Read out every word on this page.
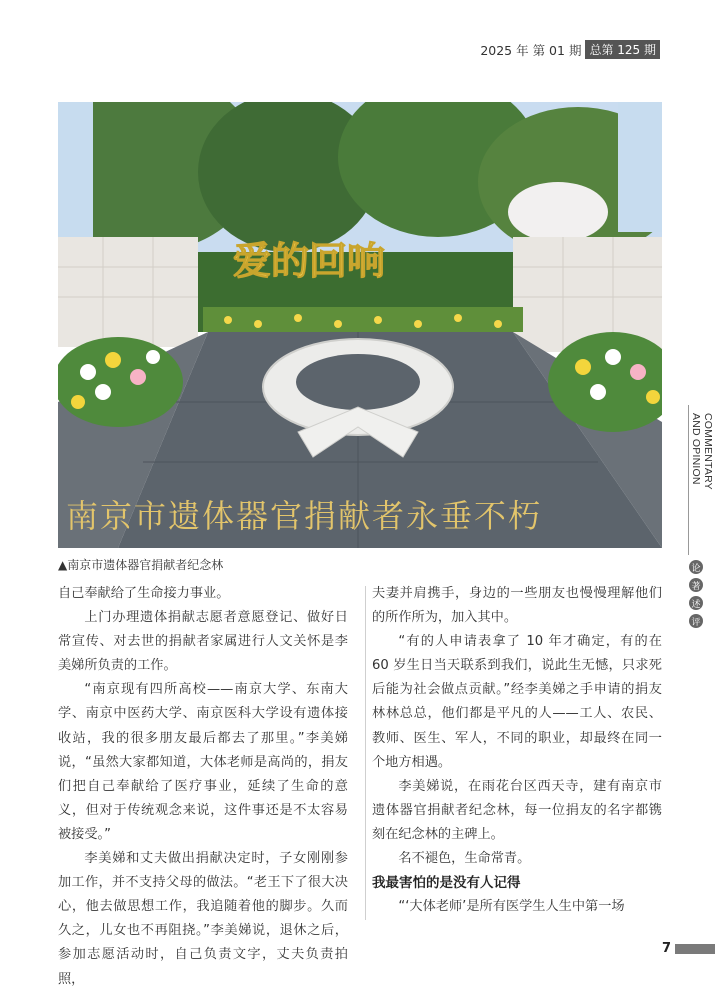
2025 年 第 01 期 总第 125 期
爱的回响
南京市遗体器官捐献者永垂不朽
▲南京市遗体器官捐献者纪念林

自己奉献给了生命接力事业。

上门办理遗体捐献志愿者意愿登记、做好日常宣传、对去世的捐献者家属进行人文关怀是李美娣所负责的工作。

“南京现有四所高校——南京大学、东南大学、南京中医药大学、南京医科大学设有遗体接收站，我的很多朋友最后都去了那里。”李美娣说，“虽然大家都知道，大体老师是高尚的，捐友们把自己奉献给了医疗事业，延续了生命的意义，但对于传统观念来说，这件事还是不太容易被接受。”

李美娣和丈夫做出捐献决定时，子女刚刚参加工作，并不支持父母的做法。“老王下了很大决心，他去做思想工作，我追随着他的脚步。久而久之，儿女也不再阻挠。”李美娣说，退休之后，参加志愿活动时，自己负责文字，丈夫负责拍照，

夫妻并肩携手，身边的一些朋友也慢慢理解他们的所作所为，加入其中。

“有的人申请表拿了 10 年才确定，有的在 60 岁生日当天联系到我们，说此生无憾，只求死后能为社会做点贡献。”经李美娣之手申请的捐友林林总总，他们都是平凡的人——工人、农民、教师、医生、军人，不同的职业，却最终在同一个地方相遇。

李美娣说，在雨花台区西天寺，建有南京市遗体器官捐献者纪念林，每一位捐友的名字都镌刻在纪念林的主碑上。

名不褪色，生命常青。

我最害怕的是没有人记得

“‘大体老师’是所有医学生人生中第一场

COMMENTARY AND OPINION
论
著
述
评
7
